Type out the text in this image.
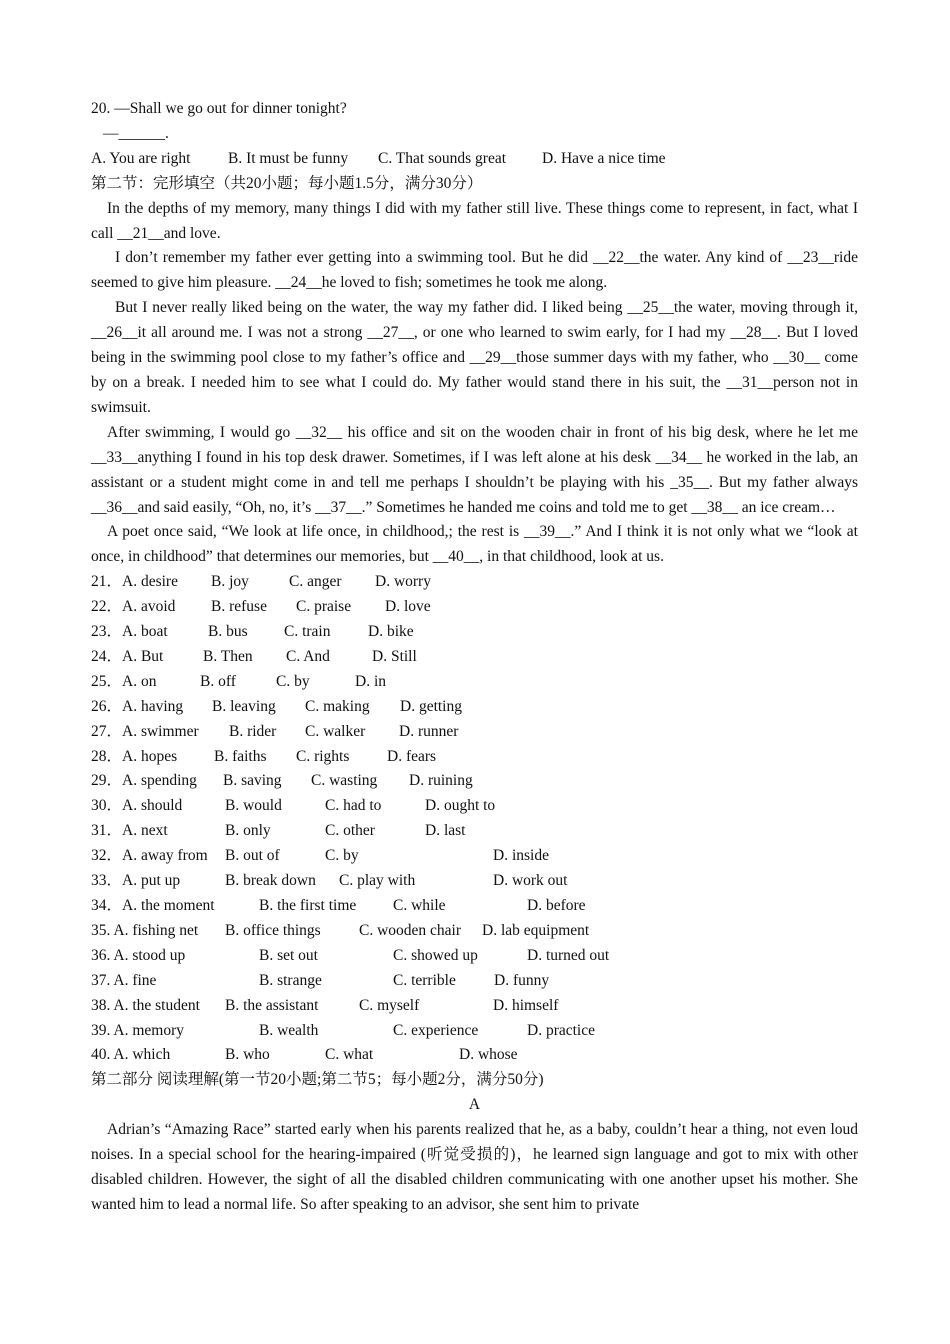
20. —Shall we go out for dinner tonight?
—______.
A. You are right	B. It must be funny	C. That sounds great	D. Have a nice time
第二节：完形填空（共20小题；每小题1.5分，满分30分）
In the depths of my memory, many things I did with my father still live. These things come to represent, in fact, what I call __21__and love.
I don’t remember my father ever getting into a swimming tool. But he did __22__the water. Any kind of __23__ride seemed to give him pleasure. __24__he loved to fish; sometimes he took me along.
But I never really liked being on the water, the way my father did. I liked being __25__the water, moving through it, __26__it all around me. I was not a strong __27__, or one who learned to swim early, for I had my __28__. But I loved being in the swimming pool close to my father’s office and __29__those summer days with my father, who __30__ come by on a break. I needed him to see what I could do. My father would stand there in his suit, the __31__person not in swimsuit.
After swimming, I would go __32__ his office and sit on the wooden chair in front of his big desk, where he let me __33__anything I found in his top desk drawer. Sometimes, if I was left alone at his desk __34__ he worked in the lab, an assistant or a student might come in and tell me perhaps I shouldn’t be playing with his _35__. But my father always __36__and said easily, “Oh, no, it’s __37__.” Sometimes he handed me coins and told me to get __38__ an ice cream…
A poet once said, “We look at life once, in childhood,; the rest is __39__.” And I think it is not only what we “look at once, in childhood” that determines our memories, but __40__, in that childhood, look at us.
21．A. desire	B. joy	C. anger	D. worry
22．A. avoid	B. refuse	C. praise	D. love
23．A. boat	B. bus	C. train	D. bike
24．A. But	B. Then	C. And	D. Still
25．A. on	B. off	C. by	D. in
26．A. having	B. leaving	C. making	D. getting
27．A. swimmer	B. rider	C. walker	D. runner
28．A. hopes	B. faiths	C. rights	D. fears
29．A. spending	B. saving	C. wasting	D. ruining
30．A. should	B. would	C. had to	D. ought to
31．A. next	B. only	C. other	D. last
32．A. away from	B. out of	C. by	D. inside
33．A. put up	B. break down	C. play with	D. work out
34．A. the moment	B. the first time	C. while	D. before
35. A. fishing net	B. office things	C. wooden chair	D. lab equipment
36. A. stood up	B. set out	C. showed up	D. turned out
37. A. fine	B. strange	C. terrible	D. funny
38. A. the student	B. the assistant	C. myself	D. himself
39. A. memory	B. wealth	C. experience	D. practice
40. A. which	B. who	C. what	D. whose
第二部分 阅读理解(第一节20小题;第二节5；每小题2分，满分50分)
A
Adrian’s “Amazing Race” started early when his parents realized that he, as a baby, couldn’t hear a thing, not even loud noises. In a special school for the hearing-impaired (听觉受损的)，he learned sign language and got to mix with other disabled children. However, the sight of all the disabled children communicating with one another upset his mother. She wanted him to lead a normal life. So after speaking to an advisor, she sent him to private
